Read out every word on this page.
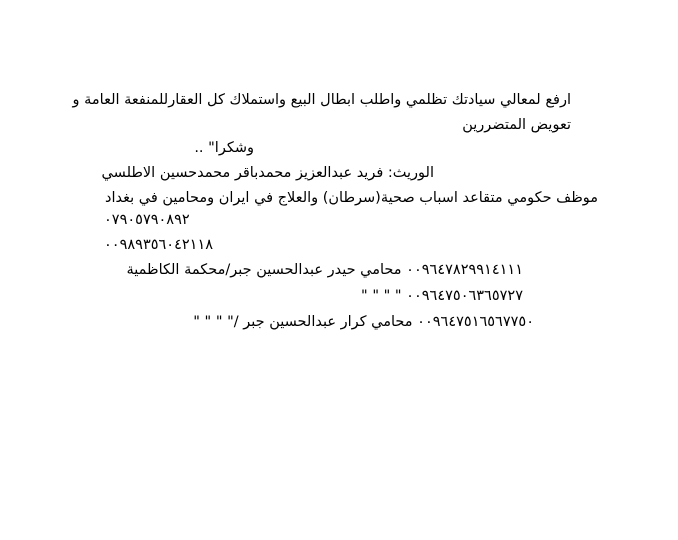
ارفع لمعالي سيادتك تظلمي واطلب ابطال البيع واستملاك كل العقارللمنفعة العامة و
تعويض المتضررين
وشكرا" ..
الوريث: فريد عبدالعزيز محمدباقر محمدحسين الاطلسي
موظف حكومي متقاعد اسباب صحية(سرطان) والعلاج في ايران ومحامين في بغداد
٠٧٩٠٥٧٩٠٨٩٢
٠٠٩٨٩٣٥٦٠٤٢١١٨
٠٠٩٦٤٧٨٢٩٩١٤١١١ محامي حيدر عبدالحسين جبر/محكمة الكاظمية
" " " " ٠٠٩٦٤٧٥٠٦٣٦٥٧٢٧
٠٠٩٦٤٧٥١٦٥٦٧٧٥٠ محامي كرار عبدالحسين جبر /" " " "
